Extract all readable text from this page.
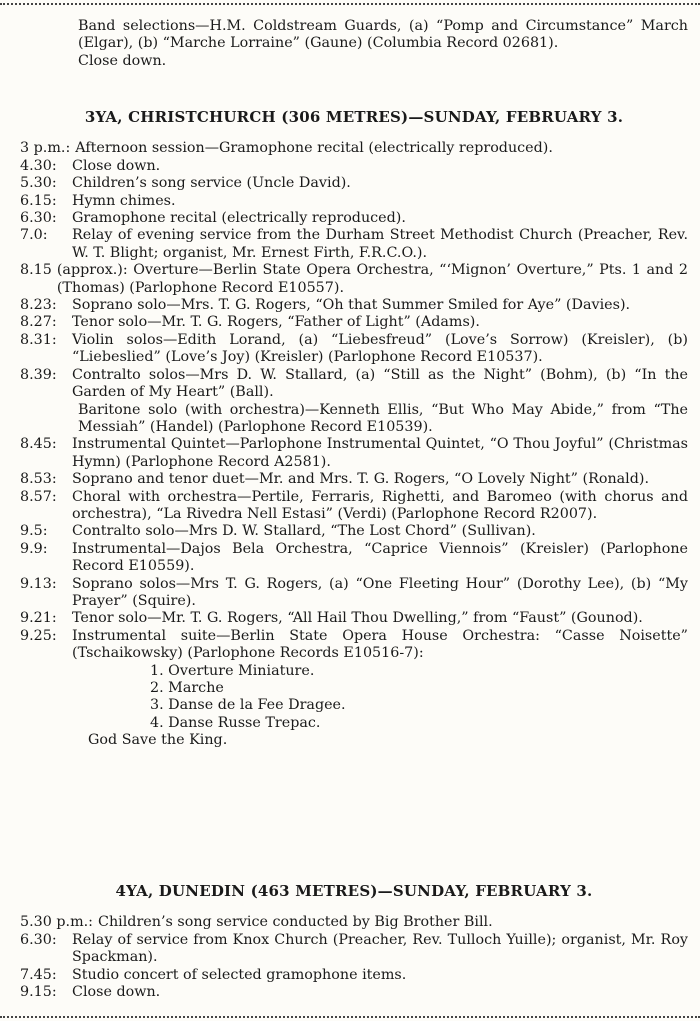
Band selections—H.M. Coldstream Guards, (a) “Pomp and Circumstance” March (Elgar), (b) “Marche Lorraine” (Gaune) (Columbia Record 02681).
Close down.
3YA, CHRISTCHURCH (306 METRES)—SUNDAY, FEBRUARY 3.
3 p.m.: Afternoon session—Gramophone recital (electrically reproduced).
4.30:	Close down.
5.30:	Children’s song service (Uncle David).
6.15:	Hymn chimes.
6.30:	Gramophone recital (electrically reproduced).
7.0:	Relay of evening service from the Durham Street Methodist Church (Preacher, Rev. W. T. Blight; organist, Mr. Ernest Firth, F.R.C.O.).
8.15 (approx.): Overture—Berlin State Opera Orchestra, “‘Mignon’ Overture,” Pts. 1 and 2 (Thomas) (Parlophone Record E10557).
8.23:	Soprano solo—Mrs. T. G. Rogers, “Oh that Summer Smiled for Aye” (Davies).
8.27:	Tenor solo—Mr. T. G. Rogers, “Father of Light” (Adams).
8.31:	Violin solos—Edith Lorand, (a) “Liebesfreud” (Love’s Sorrow) (Kreisler), (b) “Liebeslied” (Love’s Joy) (Kreisler) (Parlophone Record E10537).
8.39:	Contralto solos—Mrs D. W. Stallard, (a) “Still as the Night” (Bohm), (b) “In the Garden of My Heart” (Ball).
Baritone solo (with orchestra)—Kenneth Ellis, “But Who May Abide,” from “The Messiah” (Handel) (Parlophone Record E10539).
8.45:	Instrumental Quintet—Parlophone Instrumental Quintet, “O Thou Joyful” (Christmas Hymn) (Parlophone Record A2581).
8.53:	Soprano and tenor duet—Mr. and Mrs. T. G. Rogers, “O Lovely Night” (Ronald).
8.57:	Choral with orchestra—Pertile, Ferraris, Righetti, and Baromeo (with chorus and orchestra), “La Rivedra Nell Estasi” (Verdi) (Parlophone Record R2007).
9.5:	Contralto solo—Mrs D. W. Stallard, “The Lost Chord” (Sullivan).
9.9:	Instrumental—Dajos Bela Orchestra, “Caprice Viennois” (Kreisler) (Parlophone Record E10559).
9.13:	Soprano solos—Mrs T. G. Rogers, (a) “One Fleeting Hour” (Dorothy Lee), (b) “My Prayer” (Squire).
9.21:	Tenor solo—Mr. T. G. Rogers, “All Hail Thou Dwelling,” from “Faust” (Gounod).
9.25:	Instrumental suite—Berlin State Opera House Orchestra: “Casse Noisette” (Tschaikowsky) (Parlophone Records E10516-7):
1. Overture Miniature.
2. Marche
3. Danse de la Fee Dragee.
4. Danse Russe Trepac.
God Save the King.
4YA, DUNEDIN (463 METRES)—SUNDAY, FEBRUARY 3.
5.30 p.m.: Children’s song service conducted by Big Brother Bill.
6.30:	Relay of service from Knox Church (Preacher, Rev. Tulloch Yuille); organist, Mr. Roy Spackman).
7.45:	Studio concert of selected gramophone items.
9.15:	Close down.
